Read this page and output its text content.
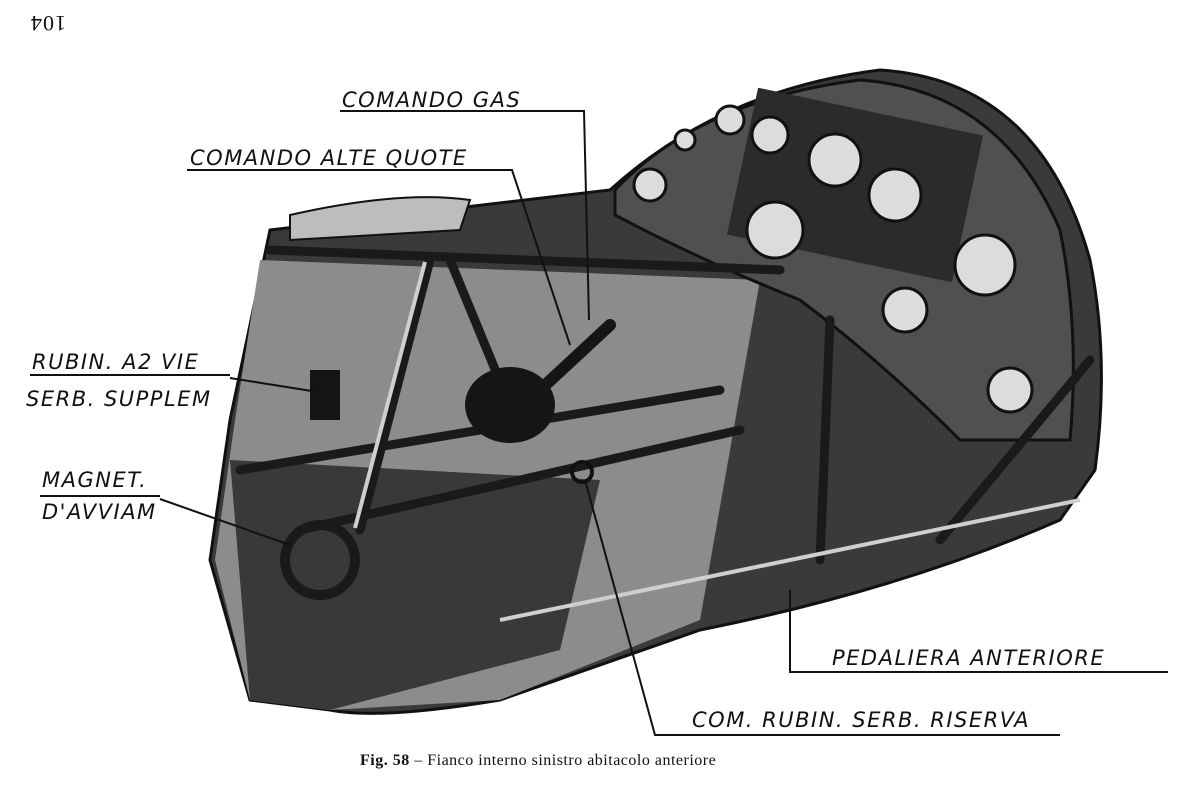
104
COMANDO GAS
COMANDO ALTE QUOTE
RUBIN. A2 VIE
SERB. SUPPLEM
MAGNET.
D'AVVIAM
PEDALIERA ANTERIORE
COM. RUBIN. SERB. RISERVA
Fig. 58 – Fianco interno sinistro abitacolo anteriore
